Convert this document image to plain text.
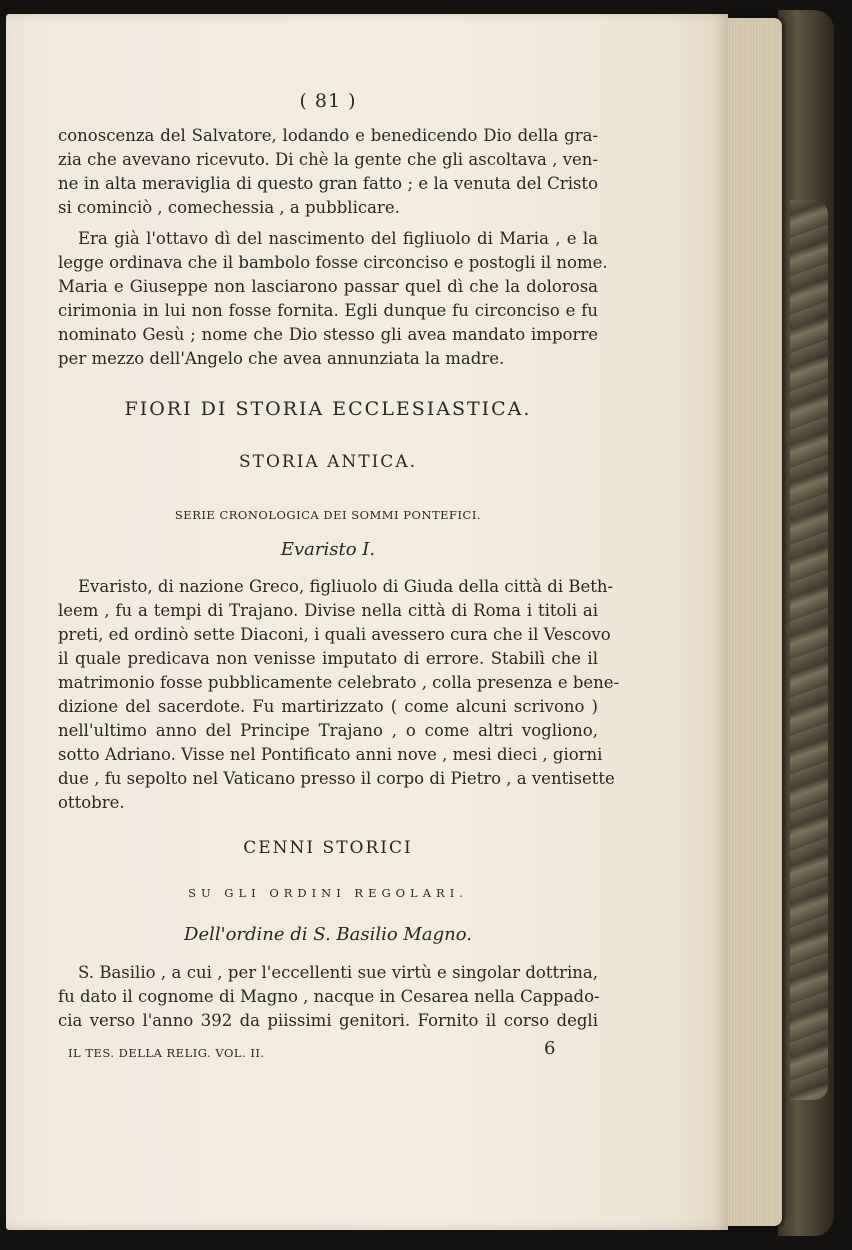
( 81 )
conoscenza del Salvatore, lodando e benedicendo Dio della gra-
zia che avevano ricevuto. Di chè la gente che gli ascoltava , ven-
ne in alta meraviglia di questo gran fatto ; e la venuta del Cristo
si cominciò , comechessia , a pubblicare.
Era già l'ottavo dì del nascimento del figliuolo di Maria , e la
legge ordinava che il bambolo fosse circonciso e postogli il nome.
Maria e Giuseppe non lasciarono passar quel dì che la dolorosa
cirimonia in lui non fosse fornita. Egli dunque fu circonciso e fu
nominato Gesù ; nome che Dio stesso gli avea mandato imporre
per mezzo dell'Angelo che avea annunziata la madre.
FIORI DI STORIA ECCLESIASTICA.
STORIA ANTICA.
SERIE CRONOLOGICA DEI SOMMI PONTEFICI.
Evaristo I.
Evaristo, di nazione Greco, figliuolo di Giuda della città di Beth-
leem , fu a tempi di Trajano. Divise nella città di Roma i titoli ai
preti, ed ordinò sette Diaconi, i quali avessero cura che il Vescovo
il quale predicava non venisse imputato di errore. Stabilì che il
matrimonio fosse pubblicamente celebrato , colla presenza e bene-
dizione del sacerdote. Fu martirizzato ( come alcuni scrivono )
nell'ultimo anno del Principe Trajano , o come altri vogliono,
sotto Adriano. Visse nel Pontificato anni nove , mesi dieci , giorni
due , fu sepolto nel Vaticano presso il corpo di Pietro , a ventisette
ottobre.
CENNI STORICI
SU GLI ORDINI REGOLARI.
Dell'ordine di S. Basilio Magno.
S. Basilio , a cui , per l'eccellenti sue virtù e singolar dottrina,
fu dato il cognome di Magno , nacque in Cesarea nella Cappado-
cia verso l'anno 392 da piissimi genitori. Fornito il corso degli
IL TES. DELLA RELIG. VOL. II.	6
